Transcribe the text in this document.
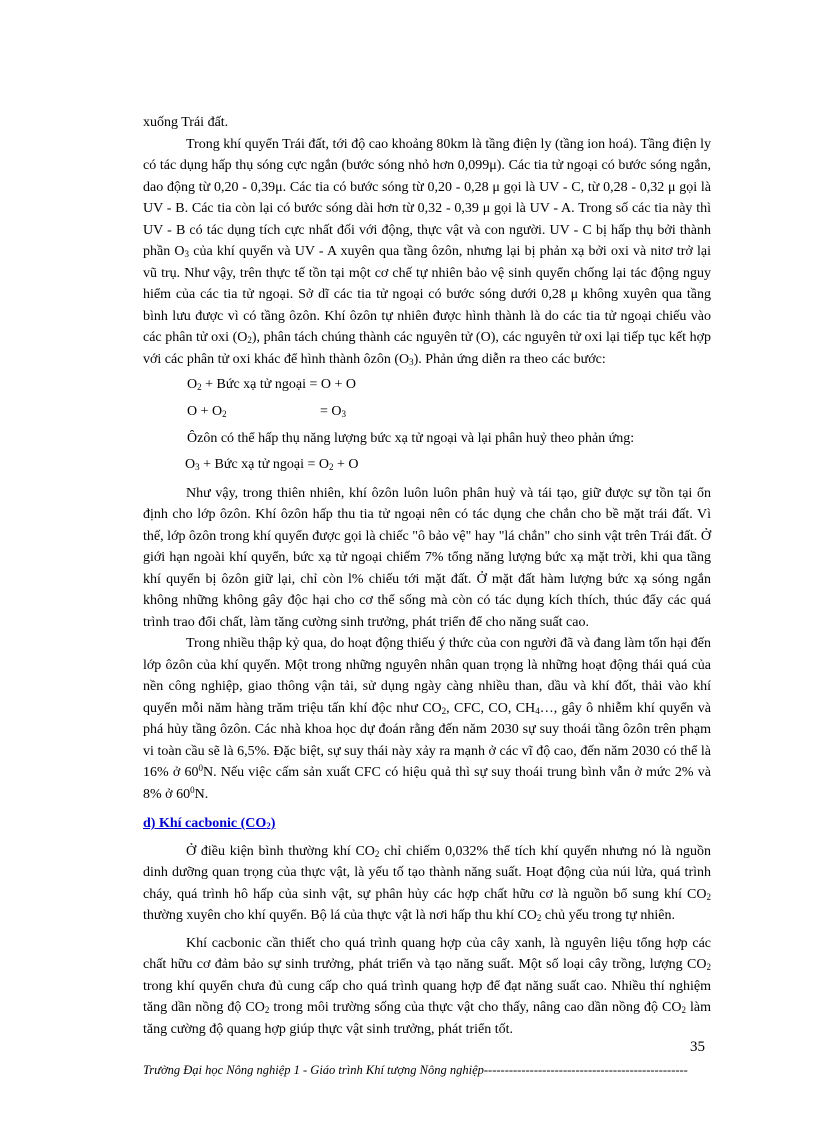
xuống Trái đất.

Trong khí quyển Trái đất, tới độ cao khoảng 80km là tầng điện ly (tầng ion hoá). Tầng điện ly có tác dụng hấp thụ sóng cực ngắn (bước sóng nhỏ hơn 0,099μ). Các tia tử ngoại có bước sóng ngắn, dao động từ 0,20 - 0,39μ. Các tia có bước sóng từ 0,20 - 0,28 μ gọi là UV - C, từ 0,28 - 0,32 μ gọi là UV - B. Các tia còn lại có bước sóng dài hơn từ 0,32 - 0,39 μ gọi là UV - A. Trong số các tia này thì UV - B có tác dụng tích cực nhất đối với động, thực vật và con người. UV - C bị hấp thụ bởi thành phần $O_3$ của khí quyển và UV - A xuyên qua tầng ôzôn, nhưng lại bị phản xạ bởi oxi và nitơ trở lại vũ trụ. Như vậy, trên thực tế tồn tại một cơ chế tự nhiên bảo vệ sinh quyển chống lại tác động nguy hiểm của các tia tử ngoại. Sở dĩ các tia tử ngoại có bước sóng dưới 0,28 μ không xuyên qua tầng bình lưu được vì có tầng ôzôn. Khí ôzôn tự nhiên được hình thành là do các tia tử ngoại chiếu vào các phân tử oxi $(O_2)$, phân tách chúng thành các nguyên tử (O), các nguyên tử oxi lại tiếp tục kết hợp với các phân tử oxi khác để hình thành ôzôn $(O_3)$. Phản ứng diễn ra theo các bước:

$O_2$ + Bức xạ tử ngoại = O + O
$O + O_2$	= $O_3$

Ôzôn có thể hấp thụ năng lượng bức xạ tử ngoại và lại phân huỷ theo phản ứng:

$O_3$ + Bức xạ tử ngoại = $O_2 + O$

Như vậy, trong thiên nhiên, khí ôzôn luôn luôn phân huỷ và tái tạo, giữ được sự tồn tại ổn định cho lớp ôzôn. Khí ôzôn hấp thu tia tử ngoại nên có tác dụng che chắn cho bề mặt trái đất. Vì thế, lớp ôzôn trong khí quyển được gọi là chiếc "ô bảo vệ" hay "lá chắn" cho sinh vật trên Trái đất. Ở giới hạn ngoài khí quyển, bức xạ tử ngoại chiếm 7% tổng năng lượng bức xạ mặt trời, khi qua tầng khí quyển bị ôzôn giữ lại, chỉ còn l% chiếu tới mặt đất. Ở mặt đất hàm lượng bức xạ sóng ngắn không những không gây độc hại cho cơ thể sống mà còn có tác dụng kích thích, thúc đẩy các quá trình trao đổi chất, làm tăng cường sinh trưởng, phát triển để cho năng suất cao.

Trong nhiều thập kỷ qua, do hoạt động thiếu ý thức của con người đã và đang làm tổn hại đến lớp ôzôn của khí quyển. Một trong những nguyên nhân quan trọng là những hoạt động thái quá của nền công nghiệp, giao thông vận tải, sử dụng ngày càng nhiều than, dầu và khí đốt, thải vào khí quyển mỗi năm hàng trăm triệu tấn khí độc như $CO_2$, CFC, CO, $CH_4\dots$, gây ô nhiễm khí quyển và phá hủy tầng ôzôn. Các nhà khoa học dự đoán rằng đến năm 2030 sự suy thoái tầng ôzôn trên phạm vi toàn cầu sẽ là 6,5%. Đặc biệt, sự suy thái này xảy ra mạnh ở các vĩ độ cao, đến năm 2030 có thể là 16% ở $60^0N$. Nếu việc cấm sản xuất CFC có hiệu quả thì sự suy thoái trung bình vẫn ở mức 2% và 8% ở $60^0N$.

d) Khí cacbonic $(CO_2)$

Ở điều kiện bình thường khí $CO_2$ chỉ chiếm 0,032% thể tích khí quyển nhưng nó là nguồn dinh dưỡng quan trọng của thực vật, là yếu tố tạo thành năng suất. Hoạt động của núi lửa, quá trình cháy, quá trình hô hấp của sinh vật, sự phân hủy các hợp chất hữu cơ là nguồn bổ sung khí $CO_2$ thường xuyên cho khí quyển. Bộ lá của thực vật là nơi hấp thu khí $CO_2$ chủ yếu trong tự nhiên.

Khí cacbonic cần thiết cho quá trình quang hợp của cây xanh, là nguyên liệu tổng hợp các chất hữu cơ đảm bảo sự sinh trưởng, phát triển và tạo năng suất. Một số loại cây trồng, lượng $CO_2$ trong khí quyển chưa đủ cung cấp cho quá trình quang hợp để đạt năng suất cao. Nhiều thí nghiệm tăng dần nồng độ $CO_2$ trong môi trường sống của thực vật cho thấy, nâng cao dần nồng độ $CO_2$ làm tăng cường độ quang hợp giúp thực vật sinh trưởng, phát triển tốt.

35
Trường Đại học Nông nghiệp 1 - Giáo trình Khí tượng Nông nghiệp-------------------------------------------------
